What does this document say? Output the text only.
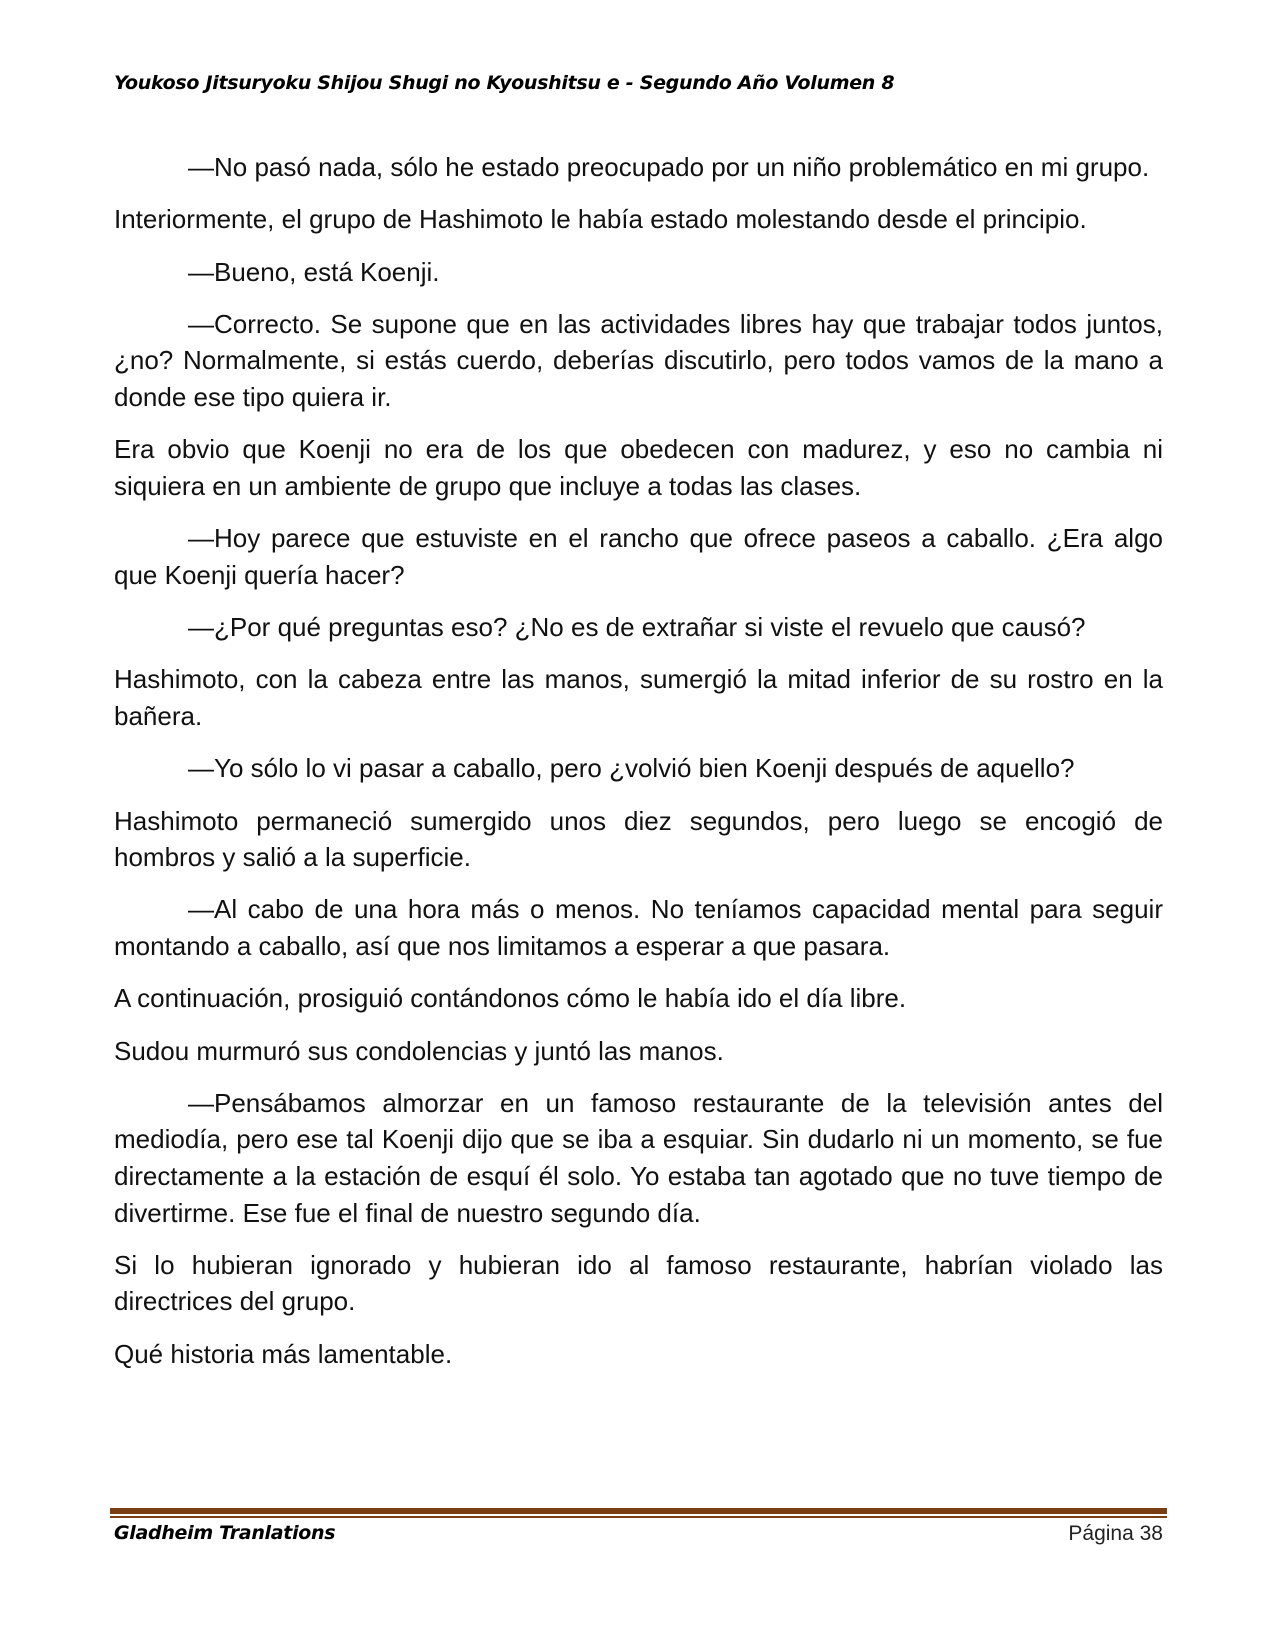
Youkoso Jitsuryoku Shijou Shugi no Kyoushitsu e - Segundo Año Volumen 8

—No pasó nada, sólo he estado preocupado por un niño problemático en mi grupo.

Interiormente, el grupo de Hashimoto le había estado molestando desde el principio.

—Bueno, está Koenji.

—Correcto. Se supone que en las actividades libres hay que trabajar todos juntos, ¿no? Normalmente, si estás cuerdo, deberías discutirlo, pero todos vamos de la mano a donde ese tipo quiera ir.

Era obvio que Koenji no era de los que obedecen con madurez, y eso no cambia ni siquiera en un ambiente de grupo que incluye a todas las clases.

—Hoy parece que estuviste en el rancho que ofrece paseos a caballo. ¿Era algo que Koenji quería hacer?

—¿Por qué preguntas eso? ¿No es de extrañar si viste el revuelo que causó?

Hashimoto, con la cabeza entre las manos, sumergió la mitad inferior de su rostro en la bañera.

—Yo sólo lo vi pasar a caballo, pero ¿volvió bien Koenji después de aquello?

Hashimoto permaneció sumergido unos diez segundos, pero luego se encogió de hombros y salió a la superficie.

—Al cabo de una hora más o menos. No teníamos capacidad mental para seguir montando a caballo, así que nos limitamos a esperar a que pasara.

A continuación, prosiguió contándonos cómo le había ido el día libre.

Sudou murmuró sus condolencias y juntó las manos.

—Pensábamos almorzar en un famoso restaurante de la televisión antes del mediodía, pero ese tal Koenji dijo que se iba a esquiar. Sin dudarlo ni un momento, se fue directamente a la estación de esquí él solo. Yo estaba tan agotado que no tuve tiempo de divertirme. Ese fue el final de nuestro segundo día.

Si lo hubieran ignorado y hubieran ido al famoso restaurante, habrían violado las directrices del grupo.

Qué historia más lamentable.

Gladheim Tranlations	Página 38
